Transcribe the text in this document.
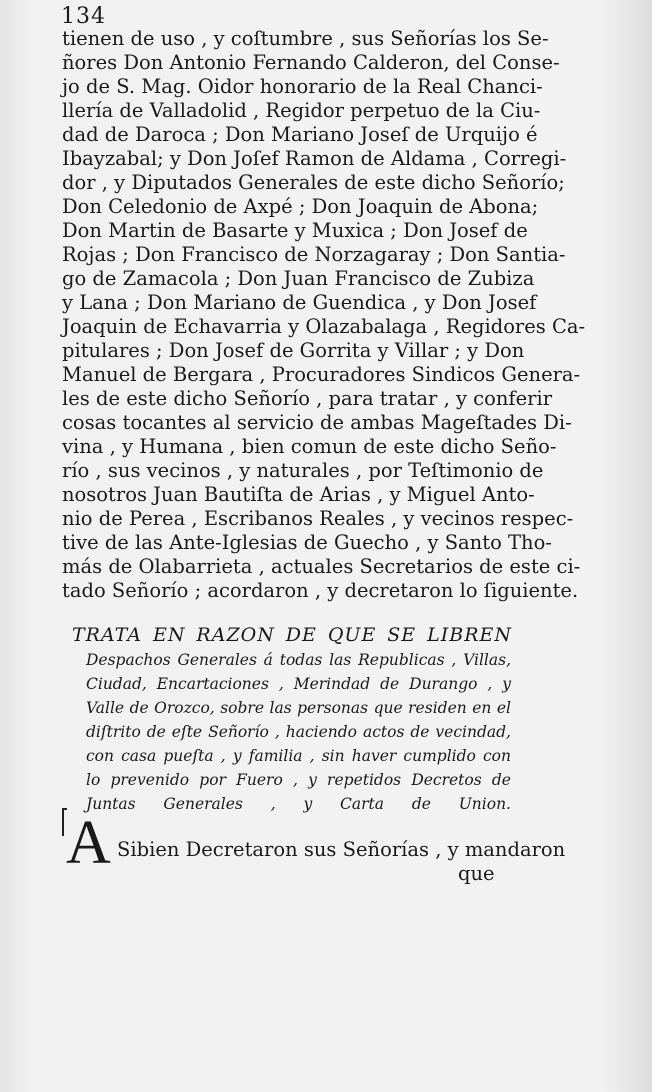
134
tienen de uso , y coſtumbre , sus Señorías los Se-
ñores Don Antonio Fernando Calderon, del Conse-
jo de S. Mag. Oidor honorario de la Real Chanci-
llería de Valladolid , Regidor perpetuo de la Ciu-
dad de Daroca ; Don Mariano Joseſ de Urquijo é
Ibayzabal; y Don Joſef Ramon de Aldama , Corregi-
dor , y Diputados Generales de este dicho Señorío;
Don Celedonio de Axpé ; Don Joaquin de Abona;
Don Martin de Basarte y Muxica ; Don Josef de
Rojas ; Don Francisco de Norzagaray ; Don Santia-
go de Zamacola ; Don Juan Francisco de Zubiza
y Lana ; Don Mariano de Guendica , y Don Josef
Joaquin de Echavarria y Olazabalaga , Regidores Ca-
pitulares ; Don Josef de Gorrita y Villar ; y Don
Manuel de Bergara , Procuradores Sindicos Genera-
les de este dicho Señorío , para tratar , y conferir
cosas tocantes al servicio de ambas Mageſtades Di-
vina , y Humana , bien comun de este dicho Seño-
río , sus vecinos , y naturales , por Teſtimonio de
nosotros Juan Bautiſta de Arias , y Miguel Anto-
nio de Perea , Escribanos Reales , y vecinos respec-
tive de las Ante-Iglesias de Guecho , y Santo Tho-
más de Olabarrieta , actuales Secretarios de este ci-
tado Señorío ; acordaron , y decretaron lo ſiguiente.
TRATA EN RAZON DE QUE SE LIBREN
Despachos Generales á todas las Republicas , Villas,
Ciudad, Encartaciones , Merindad de Durango , y
Valle de Orozco, sobre las personas que residen en el
diſtrito de eſte Señorío , haciendo actos de vecindad,
con casa pueſta , y familia , sin haver cumplido con
lo prevenido por Fuero , y repetidos Decretos de
Juntas Generales , y Carta de Union.
A Sibien Decretaron sus Señorías , y mandaron
que
